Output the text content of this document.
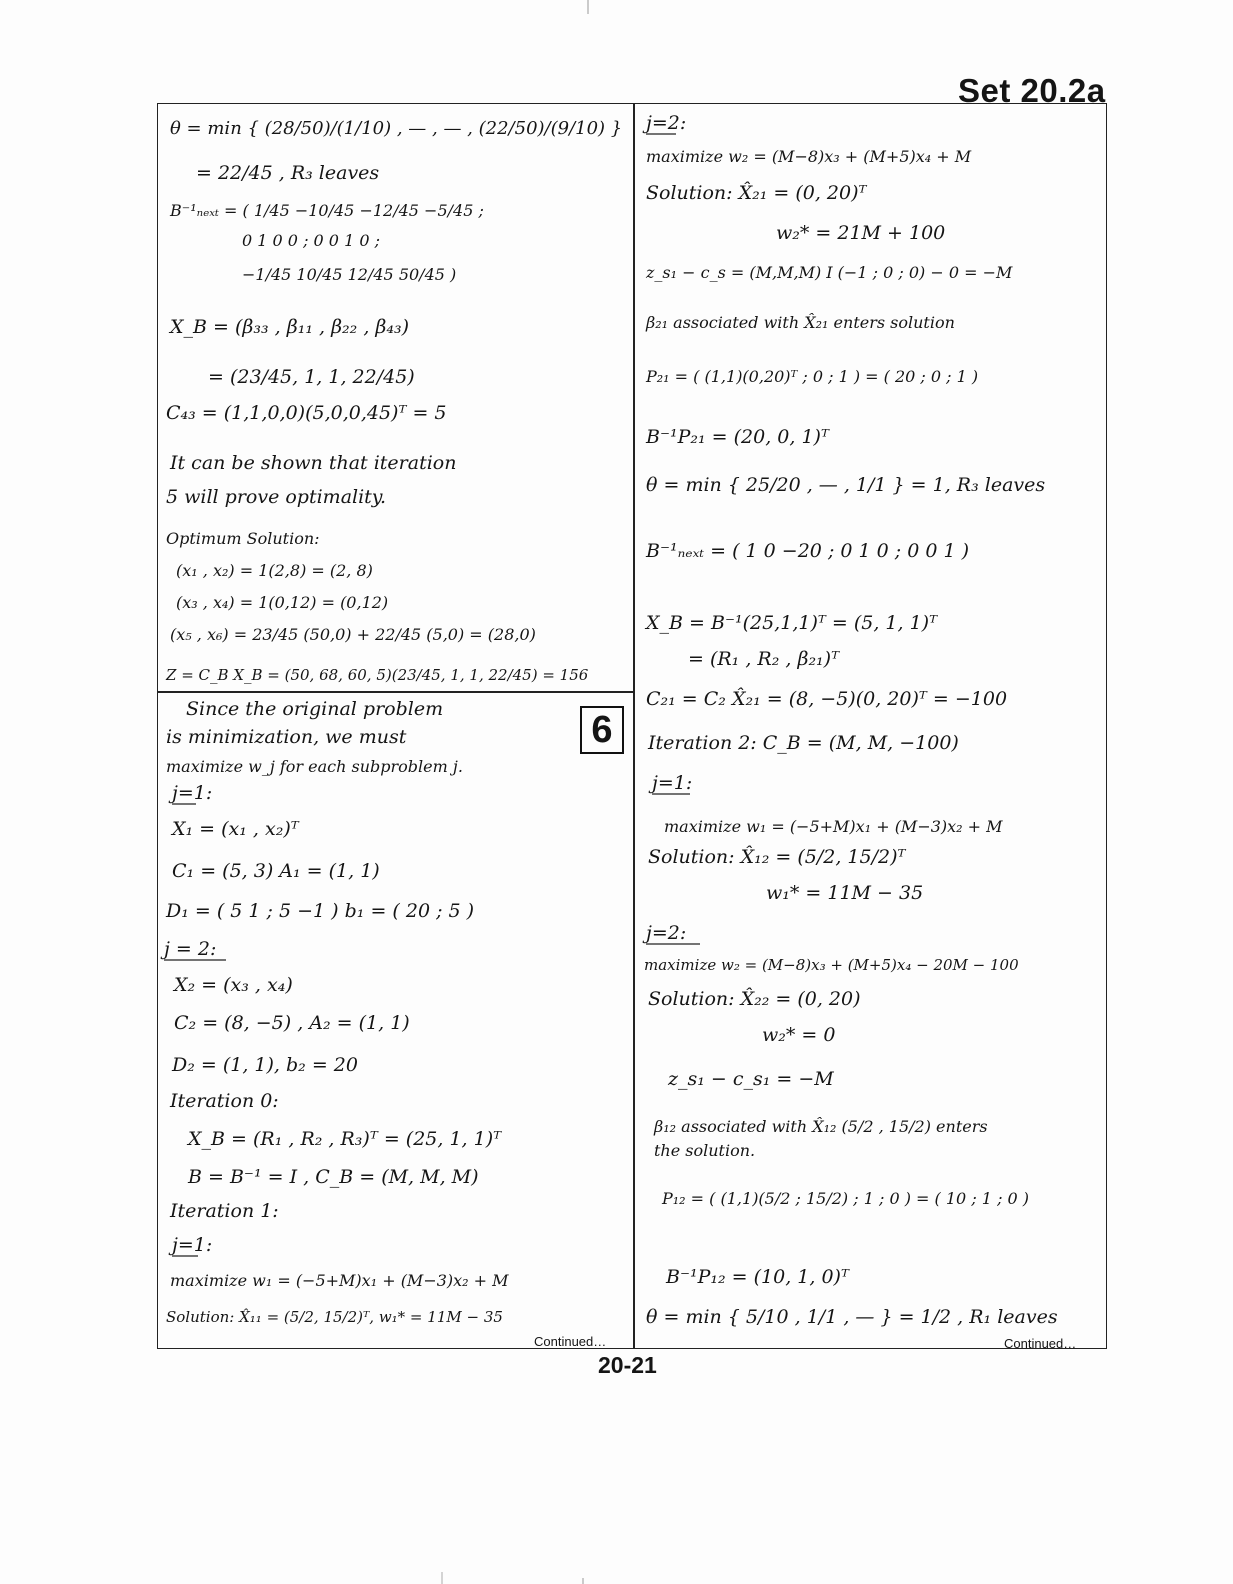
Set 20.2a
θ = min { (28/50)/(1/10) , — , — , (22/50)/(9/10) }
= 22/45 , R₃ leaves
B⁻¹ₙₑₓₜ = ( 1/45 −10/45 −12/45 −5/45 ;
0 1 0 0 ; 0 0 1 0 ;
−1/45 10/45 12/45 50/45 )
X_B = (β₃₃ , β₁₁ , β₂₂ , β₄₃)
= (23/45, 1, 1, 22/45)
C₄₃ = (1,1,0,0)(5,0,0,45)ᵀ = 5
It can be shown that iteration
5 will prove optimality.
Optimum Solution:
(x₁ , x₂) = 1(2,8) = (2, 8)
(x₃ , x₄) = 1(0,12) = (0,12)
(x₅ , x₆) = 23/45 (50,0) + 22/45 (5,0) = (28,0)
Z = C_B X_B = (50, 68, 60, 5)(23/45, 1, 1, 22/45) = 156
Since the original problem
is minimization, we must
maximize w_j for each subproblem j.
j=1:
X₁ = (x₁ , x₂)ᵀ
C₁ = (5, 3) A₁ = (1, 1)
D₁ = ( 5 1 ; 5 −1 ) b₁ = ( 20 ; 5 )
j = 2:
X₂ = (x₃ , x₄)
C₂ = (8, −5) , A₂ = (1, 1)
D₂ = (1, 1), b₂ = 20
Iteration 0:
X_B = (R₁ , R₂ , R₃)ᵀ = (25, 1, 1)ᵀ
B = B⁻¹ = I , C_B = (M, M, M)
Iteration 1:
j=1:
maximize w₁ = (−5+M)x₁ + (M−3)x₂ + M
Solution: X̂₁₁ = (5/2, 15/2)ᵀ, w₁* = 11M − 35
6
Continued…
j=2:
maximize w₂ = (M−8)x₃ + (M+5)x₄ + M
Solution: X̂₂₁ = (0, 20)ᵀ
w₂* = 21M + 100
z_s₁ − c_s = (M,M,M) I (−1 ; 0 ; 0) − 0 = −M
β₂₁ associated with X̂₂₁ enters solution
P₂₁ = ( (1,1)(0,20)ᵀ ; 0 ; 1 ) = ( 20 ; 0 ; 1 )
B⁻¹P₂₁ = (20, 0, 1)ᵀ
θ = min { 25/20 , — , 1/1 } = 1, R₃ leaves
B⁻¹ₙₑₓₜ = ( 1 0 −20 ; 0 1 0 ; 0 0 1 )
X_B = B⁻¹(25,1,1)ᵀ = (5, 1, 1)ᵀ
= (R₁ , R₂ , β₂₁)ᵀ
C₂₁ = C₂ X̂₂₁ = (8, −5)(0, 20)ᵀ = −100
Iteration 2: C_B = (M, M, −100)
j=1:
maximize w₁ = (−5+M)x₁ + (M−3)x₂ + M
Solution: X̂₁₂ = (5/2, 15/2)ᵀ
w₁* = 11M − 35
j=2:
maximize w₂ = (M−8)x₃ + (M+5)x₄ − 20M − 100
Solution: X̂₂₂ = (0, 20)
w₂* = 0
z_s₁ − c_s₁ = −M
β₁₂ associated with X̂₁₂ (5/2 , 15/2) enters
the solution.
P₁₂ = ( (1,1)(5/2 ; 15/2) ; 1 ; 0 ) = ( 10 ; 1 ; 0 )
B⁻¹P₁₂ = (10, 1, 0)ᵀ
θ = min { 5/10 , 1/1 , — } = 1/2 , R₁ leaves
Continued…
20-21
